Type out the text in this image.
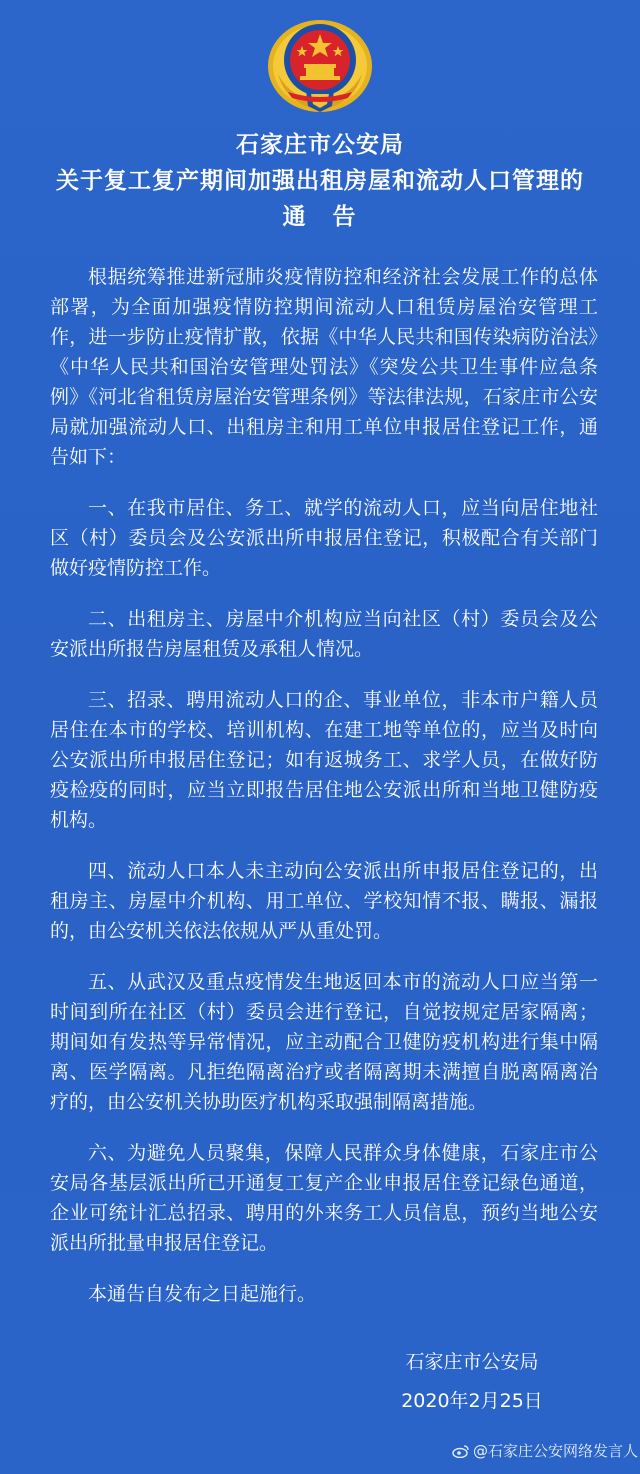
石家庄市公安局
关于复工复产期间加强出租房屋和流动人口管理的
通　告

根据统筹推进新冠肺炎疫情防控和经济社会发展工作的总体部署，为全面加强疫情防控期间流动人口租赁房屋治安管理工作，进一步防止疫情扩散，依据《中华人民共和国传染病防治法》《中华人民共和国治安管理处罚法》《突发公共卫生事件应急条例》《河北省租赁房屋治安管理条例》等法律法规，石家庄市公安局就加强流动人口、出租房主和用工单位申报居住登记工作，通告如下：

一、在我市居住、务工、就学的流动人口，应当向居住地社区（村）委员会及公安派出所申报居住登记，积极配合有关部门做好疫情防控工作。

二、出租房主、房屋中介机构应当向社区（村）委员会及公安派出所报告房屋租赁及承租人情况。

三、招录、聘用流动人口的企、事业单位，非本市户籍人员居住在本市的学校、培训机构、在建工地等单位的，应当及时向公安派出所申报居住登记；如有返城务工、求学人员，在做好防疫检疫的同时，应当立即报告居住地公安派出所和当地卫健防疫机构。

四、流动人口本人未主动向公安派出所申报居住登记的，出租房主、房屋中介机构、用工单位、学校知情不报、瞒报、漏报的，由公安机关依法依规从严从重处罚。

五、从武汉及重点疫情发生地返回本市的流动人口应当第一时间到所在社区（村）委员会进行登记，自觉按规定居家隔离；期间如有发热等异常情况，应主动配合卫健防疫机构进行集中隔离、医学隔离。凡拒绝隔离治疗或者隔离期未满擅自脱离隔离治疗的，由公安机关协助医疗机构采取强制隔离措施。

六、为避免人员聚集，保障人民群众身体健康，石家庄市公安局各基层派出所已开通复工复产企业申报居住登记绿色通道，企业可统计汇总招录、聘用的外来务工人员信息，预约当地公安派出所批量申报居住登记。

本通告自发布之日起施行。

石家庄市公安局
2020年2月25日
@石家庄公安网络发言人
